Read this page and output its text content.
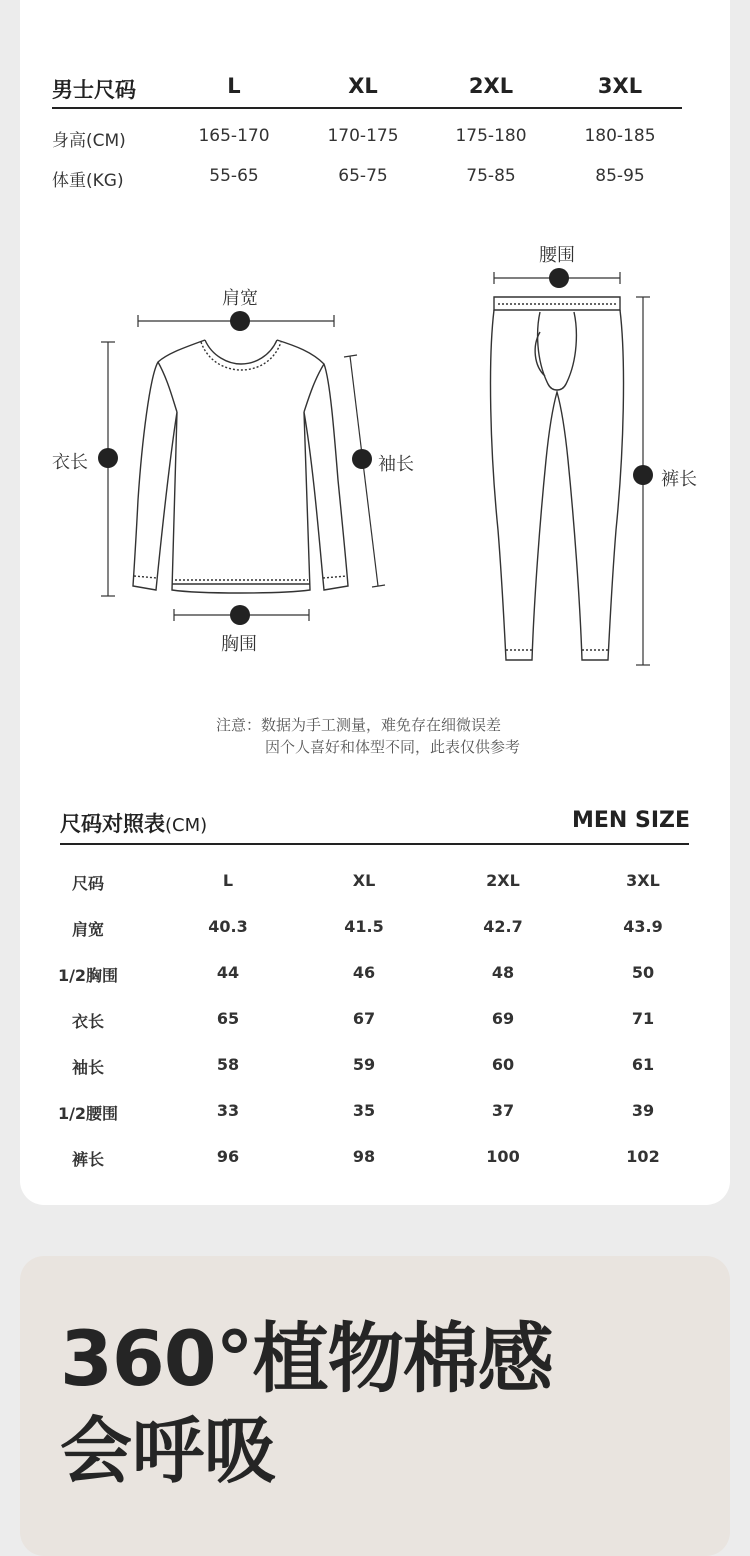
男士尺码	L	XL	2XL	3XL
身高(CM)	165-170	170-175	175-180	180-185
体重(KG)	55-65	65-75	75-85	85-95
肩宽
衣长	袖长
胸围
腰围
裤长
注意：数据为手工测量，难免存在细微误差
因个人喜好和体型不同，此表仅供参考
尺码对照表(CM)	MEN SIZE
尺码	L	XL	2XL	3XL
肩宽	40.3	41.5	42.7	43.9
1/2胸围	44	46	48	50
衣长	65	67	69	71
袖长	58	59	60	61
1/2腰围	33	35	37	39
裤长	96	98	100	102
360°植物棉感
会呼吸
